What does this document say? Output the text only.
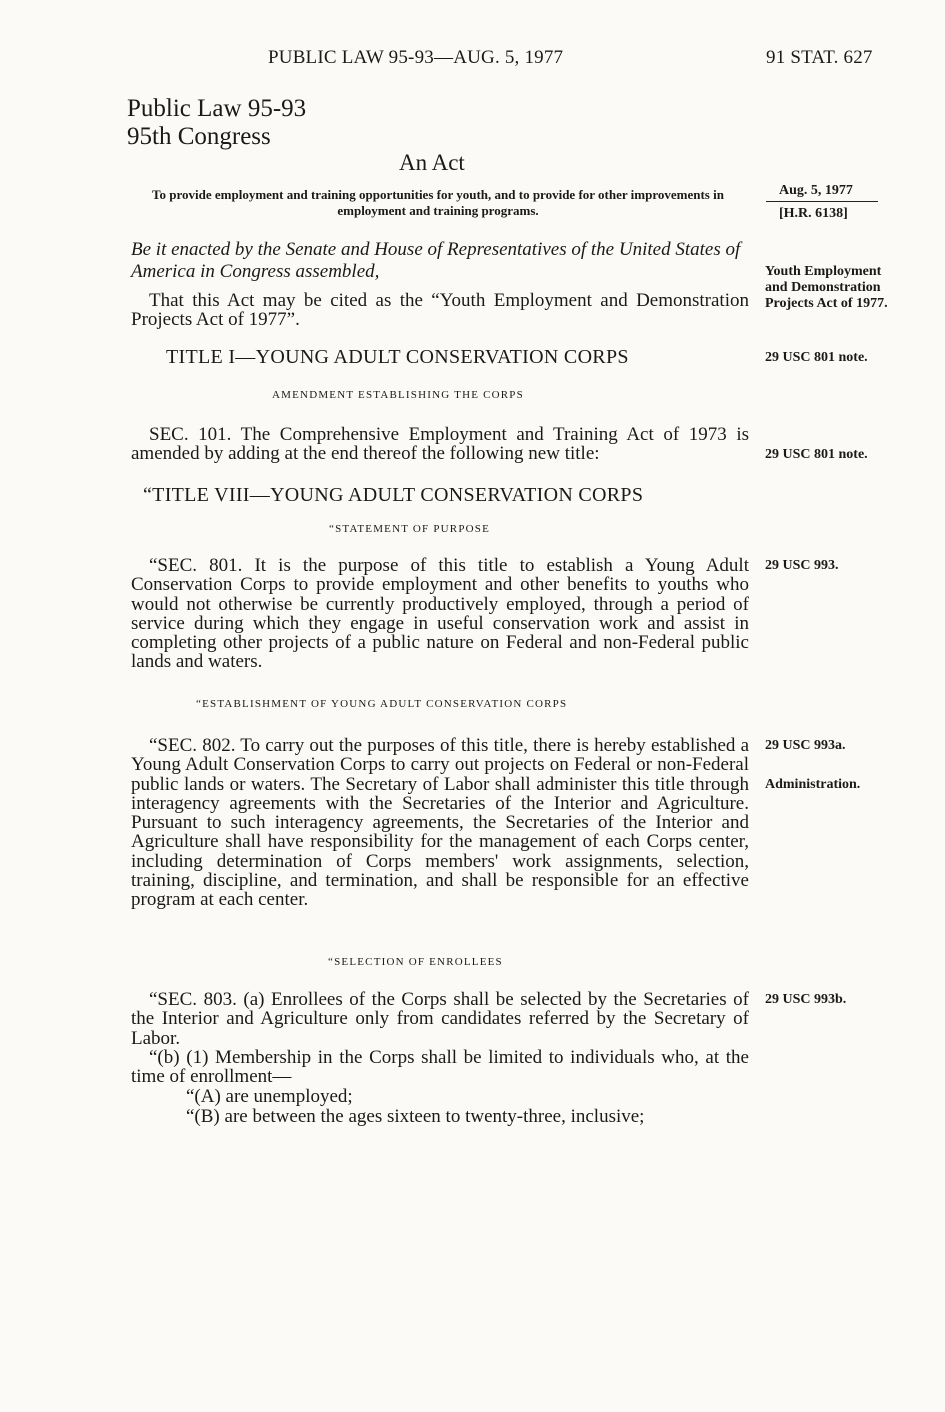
PUBLIC LAW 95-93—AUG. 5, 1977	91 STAT. 627
Public Law 95-93
95th Congress
An Act
To provide employment and training opportunities for youth, and to provide for other improvements in employment and training programs.
Aug. 5, 1977
[H.R. 6138]
Be it enacted by the Senate and House of Representatives of the United States of America in Congress assembled,
That this Act may be cited as the “Youth Employment and Demonstration Projects Act of 1977”.
Youth Employment and Demonstration Projects Act of 1977.
29 USC 801 note.
TITLE I—YOUNG ADULT CONSERVATION CORPS
AMENDMENT ESTABLISHING THE CORPS
SEC. 101. The Comprehensive Employment and Training Act of 1973 is amended by adding at the end thereof the following new title:	29 USC 801 note.
“TITLE VIII—YOUNG ADULT CONSERVATION CORPS
“STATEMENT OF PURPOSE
“SEC. 801. It is the purpose of this title to establish a Young Adult Conservation Corps to provide employment and other benefits to youths who would not otherwise be currently productively employed, through a period of service during which they engage in useful conservation work and assist in completing other projects of a public nature on Federal and non-Federal public lands and waters.
29 USC 993.
“ESTABLISHMENT OF YOUNG ADULT CONSERVATION CORPS
“SEC. 802. To carry out the purposes of this title, there is hereby established a Young Adult Conservation Corps to carry out projects on Federal or non-Federal public lands or waters. The Secretary of Labor shall administer this title through interagency agreements with the Secretaries of the Interior and Agriculture. Pursuant to such interagency agreements, the Secretaries of the Interior and Agriculture shall have responsibility for the management of each Corps center, including determination of Corps members' work assignments, selection, training, discipline, and termination, and shall be responsible for an effective program at each center.
29 USC 993a.
Administration.
“SELECTION OF ENROLLEES
“SEC. 803. (a) Enrollees of the Corps shall be selected by the Secretaries of the Interior and Agriculture only from candidates referred by the Secretary of Labor.
29 USC 993b.
“(b) (1) Membership in the Corps shall be limited to individuals who, at the time of enrollment—
“(A) are unemployed;
“(B) are between the ages sixteen to twenty-three, inclusive;
